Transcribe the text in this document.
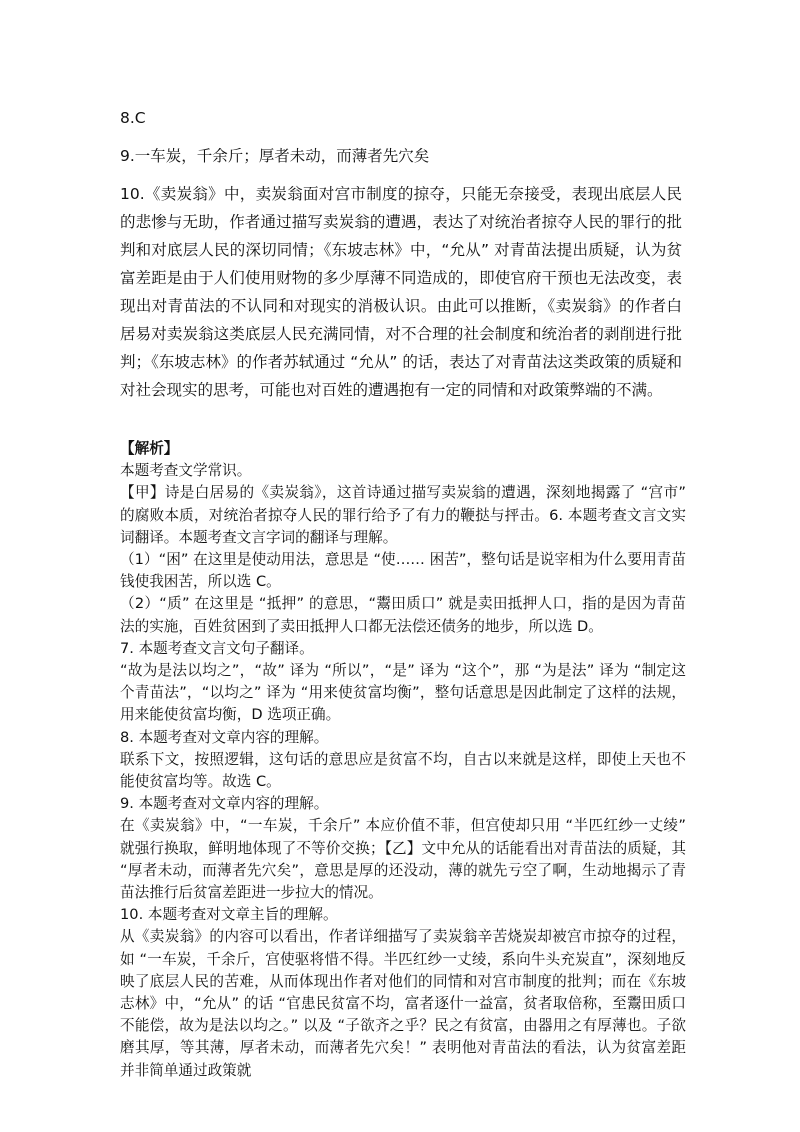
8.C

9.一车炭，千余斤；厚者未动，而薄者先穴矣

10.《卖炭翁》中，卖炭翁面对宫市制度的掠夺，只能无奈接受，表现出底层人民的悲惨与无助，作者通过描写卖炭翁的遭遇，表达了对统治者掠夺人民的罪行的批判和对底层人民的深切同情；《东坡志林》中，“允从” 对青苗法提出质疑，认为贫富差距是由于人们使用财物的多少厚薄不同造成的，即使官府干预也无法改变，表现出对青苗法的不认同和对现实的消极认识。由此可以推断，《卖炭翁》的作者白居易对卖炭翁这类底层人民充满同情，对不合理的社会制度和统治者的剥削进行批判；《东坡志林》的作者苏轼通过 “允从” 的话，表达了对青苗法这类政策的质疑和对社会现实的思考，可能也对百姓的遭遇抱有一定的同情和对政策弊端的不满。

【解析】

本题考查文学常识。

【甲】诗是白居易的《卖炭翁》，这首诗通过描写卖炭翁的遭遇，深刻地揭露了 “宫市” 的腐败本质，对统治者掠夺人民的罪行给予了有力的鞭挞与抨击。6. 本题考查文言文实词翻译。本题考查文言字词的翻译与理解。

（1）“困” 在这里是使动用法，意思是 “使…… 困苦”，整句话是说宰相为什么要用青苗钱使我困苦，所以选 C。

（2）“质” 在这里是 “抵押” 的意思，“鬻田质口” 就是卖田抵押人口，指的是因为青苗法的实施，百姓贫困到了卖田抵押人口都无法偿还债务的地步，所以选 D。

7. 本题考查文言文句子翻译。

“故为是法以均之”，“故” 译为 “所以”，“是” 译为 “这个”，那 “为是法” 译为 “制定这个青苗法”，“以均之” 译为 “用来使贫富均衡”，整句话意思是因此制定了这样的法规，用来能使贫富均衡，D 选项正确。

8. 本题考查对文章内容的理解。

联系下文，按照逻辑，这句话的意思应是贫富不均，自古以来就是这样，即使上天也不能使贫富均等。故选 C。

9. 本题考查对文章内容的理解。

在《卖炭翁》中，“一车炭，千余斤” 本应价值不菲，但宫使却只用 “半匹红纱一丈绫” 就强行换取，鲜明地体现了不等价交换；【乙】文中允从的话能看出对青苗法的质疑，其 “厚者未动，而薄者先穴矣”，意思是厚的还没动，薄的就先亏空了啊，生动地揭示了青苗法推行后贫富差距进一步拉大的情况。

10. 本题考查对文章主旨的理解。

从《卖炭翁》的内容可以看出，作者详细描写了卖炭翁辛苦烧炭却被宫市掠夺的过程，如 “一车炭，千余斤，宫使驱将惜不得。半匹红纱一丈绫，系向牛头充炭直”，深刻地反映了底层人民的苦难，从而体现出作者对他们的同情和对宫市制度的批判；而在《东坡志林》中，“允从” 的话 “官患民贫富不均，富者逐什一益富，贫者取倍称，至鬻田质口不能偿，故为是法以均之。” 以及 “子欲齐之乎？民之有贫富，由器用之有厚薄也。子欲磨其厚，等其薄，厚者未动，而薄者先穴矣！” 表明他对青苗法的看法，认为贫富差距并非简单通过政策就
